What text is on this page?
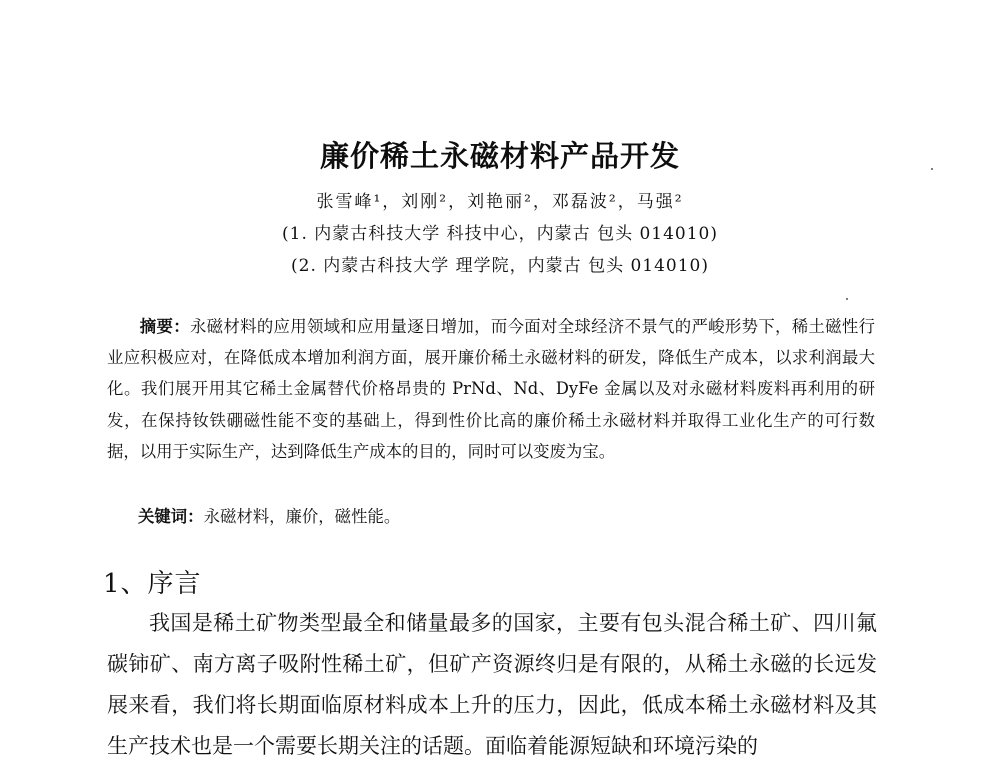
廉价稀土永磁材料产品开发
张雪峰¹，刘刚²，刘艳丽²，邓磊波²，马强²
(1. 内蒙古科技大学 科技中心，内蒙古 包头 014010)
(2. 内蒙古科技大学 理学院，内蒙古 包头 014010)

摘要：永磁材料的应用领域和应用量逐日增加，而今面对全球经济不景气的严峻形势下，稀土磁性行业应积极应对，在降低成本增加利润方面，展开廉价稀土永磁材料的研发，降低生产成本，以求利润最大化。我们展开用其它稀土金属替代价格昂贵的 PrNd、Nd、DyFe 金属以及对永磁材料废料再利用的研发，在保持钕铁硼磁性能不变的基础上，得到性价比高的廉价稀土永磁材料并取得工业化生产的可行数据，以用于实际生产，达到降低生产成本的目的，同时可以变废为宝。

关键词：永磁材料，廉价，磁性能。
1、序言

我国是稀土矿物类型最全和储量最多的国家，主要有包头混合稀土矿、四川氟碳铈矿、南方离子吸附性稀土矿，但矿产资源终归是有限的，从稀土永磁的长远发展来看，我们将长期面临原材料成本上升的压力，因此，低成本稀土永磁材料及其生产技术也是一个需要长期关注的话题。面临着能源短缺和环境污染的
